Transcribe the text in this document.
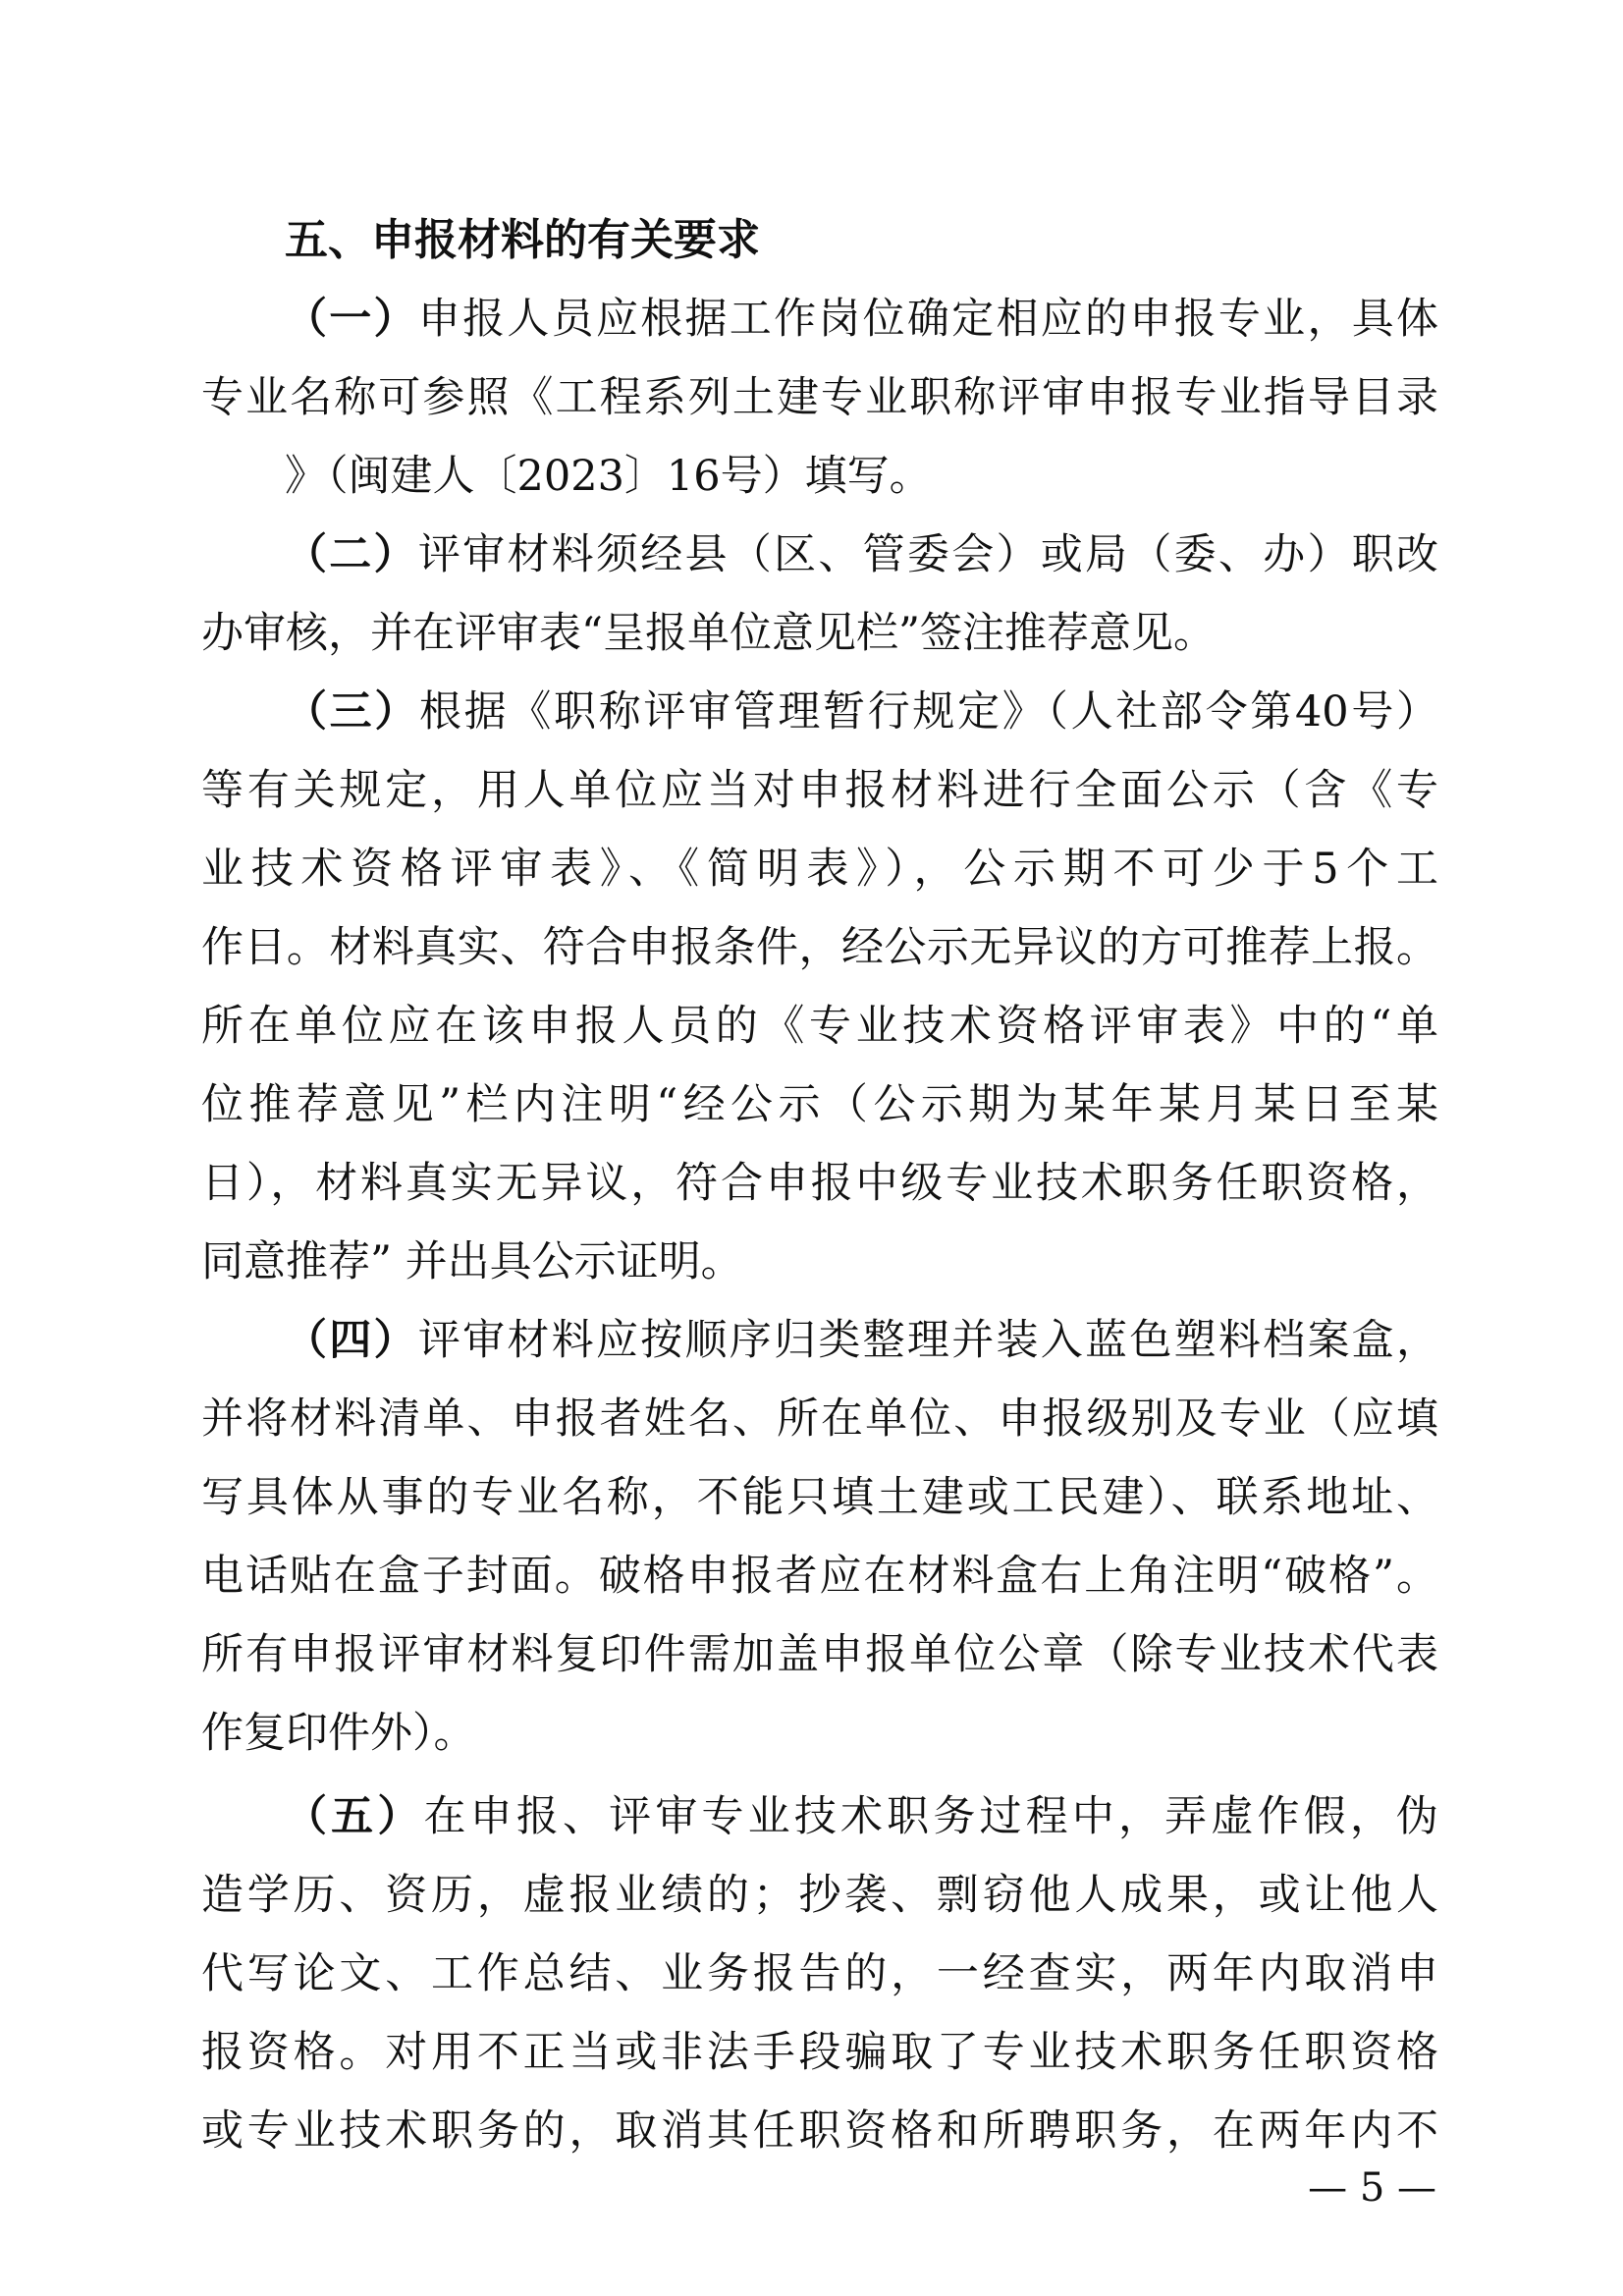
五、申报材料的有关要求
（一）申报人员应根据工作岗位确定相应的申报专业，具体
专业名称可参照《工程系列土建专业职称评审申报专业指导目录
》（闽建人〔2023〕16号）填写。
（二）评审材料须经县（区、管委会）或局（委、办）职改
办审核，并在评审表“呈报单位意见栏”签注推荐意见。
（三）根据《职称评审管理暂行规定》（人社部令第40号）
等有关规定，用人单位应当对申报材料进行全面公示（含《专
业技术资格评审表》、《简明表》），公示期不可少于5个工
作日。材料真实、符合申报条件，经公示无异议的方可推荐上报。
所在单位应在该申报人员的《专业技术资格评审表》中的“单
位推荐意见”栏内注明“经公示（公示期为某年某月某日至某
日），材料真实无异议，符合申报中级专业技术职务任职资格，
同意推荐” 并出具公示证明。
（四）评审材料应按顺序归类整理并装入蓝色塑料档案盒，
并将材料清单、申报者姓名、所在单位、申报级别及专业（应填
写具体从事的专业名称，不能只填土建或工民建）、联系地址、
电话贴在盒子封面。破格申报者应在材料盒右上角注明“破格”。
所有申报评审材料复印件需加盖申报单位公章（除专业技术代表
作复印件外）。
（五）在申报、评审专业技术职务过程中，弄虚作假，伪
造学历、资历，虚报业绩的；抄袭、剽窃他人成果，或让他人
代写论文、工作总结、业务报告的，一经查实，两年内取消申
报资格。对用不正当或非法手段骗取了专业技术职务任职资格
或专业技术职务的，取消其任职资格和所聘职务，在两年内不
— 5 —
